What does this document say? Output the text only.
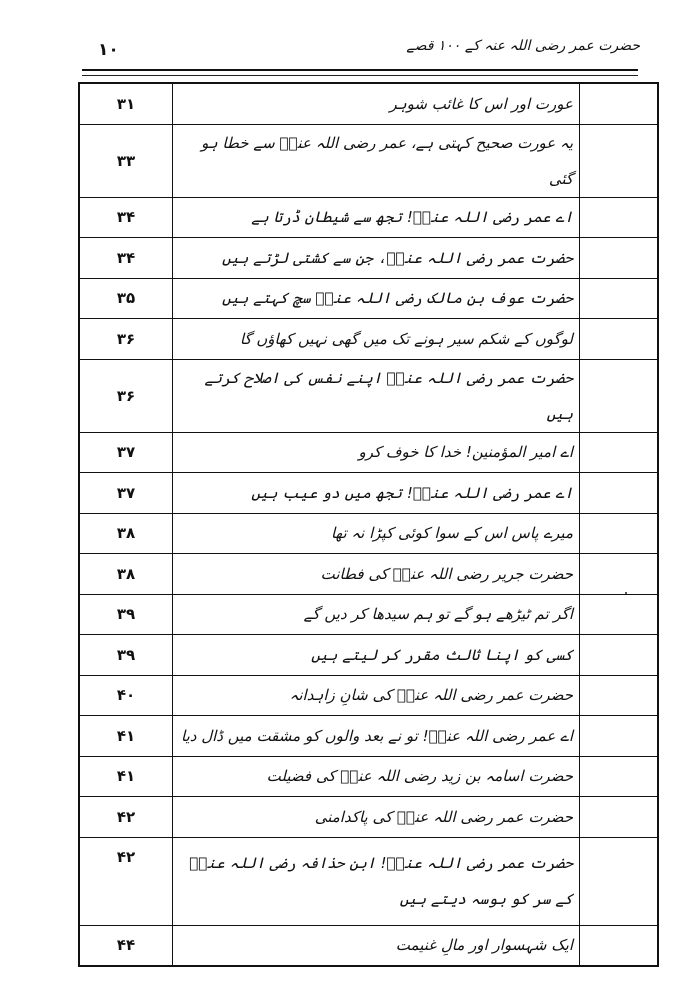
۱۰	حضرت عمر رضی اللہ عنہ کے ۱۰۰ قصے
۳۱	عورت اور اس کا غائب شوہر	
۳۳	یہ عورت صحیح کہتی ہے، عمر رضی اللہ عنہٗ سے خطا ہو گئی	
۳۴	اے عمر رضی اللہ عنہٗ! تجھ سے شیطان ڈرتا ہے	
۳۴	حضرت عمر رضی اللہ عنہٗ، جن سے کشتی لڑتے ہیں	
۳۵	حضرت عوف بن مالک رضی اللہ عنہٗ سچ کہتے ہیں	
۳۶	لوگوں کے شکم سیر ہونے تک میں گھی نہیں کھاؤں گا	
۳۶	حضرت عمر رضی اللہ عنہٗ اپنے نفس کی اصلاح کرتے ہیں	
۳۷	اے امیر المؤمنین! خدا کا خوف کرو	
۳۷	اے عمر رضی اللہ عنہٗ! تجھ میں دو عیب ہیں	
۳۸	میرے پاس اس کے سوا کوئی کپڑا نہ تھا	
۳۸	حضرت جریر رضی اللہ عنہٗ کی فطانت	
۳۹	اگر تم ٹیڑھے ہو گے تو ہم سیدھا کر دیں گے	
۳۹	کسی کو اپنا ثالث مقرر کر لیتے ہیں	
۴۰	حضرت عمر رضی اللہ عنہٗ کی شانِ زاہدانہ	
۴۱	اے عمر رضی اللہ عنہٗ! تو نے بعد والوں کو مشقت میں ڈال دیا	
۴۱	حضرت اسامہ بن زید رضی اللہ عنہٗ کی فضیلت	
۴۲	حضرت عمر رضی اللہ عنہٗ کی پاکدامنی	
۴۲	حضرت عمر رضی اللہ عنہٗ! ابن حذافہ رضی اللہ عنہٗ کے سر کو بوسہ دیتے ہیں	
۴۴	ایک شہسوار اور مالِ غنیمت	
